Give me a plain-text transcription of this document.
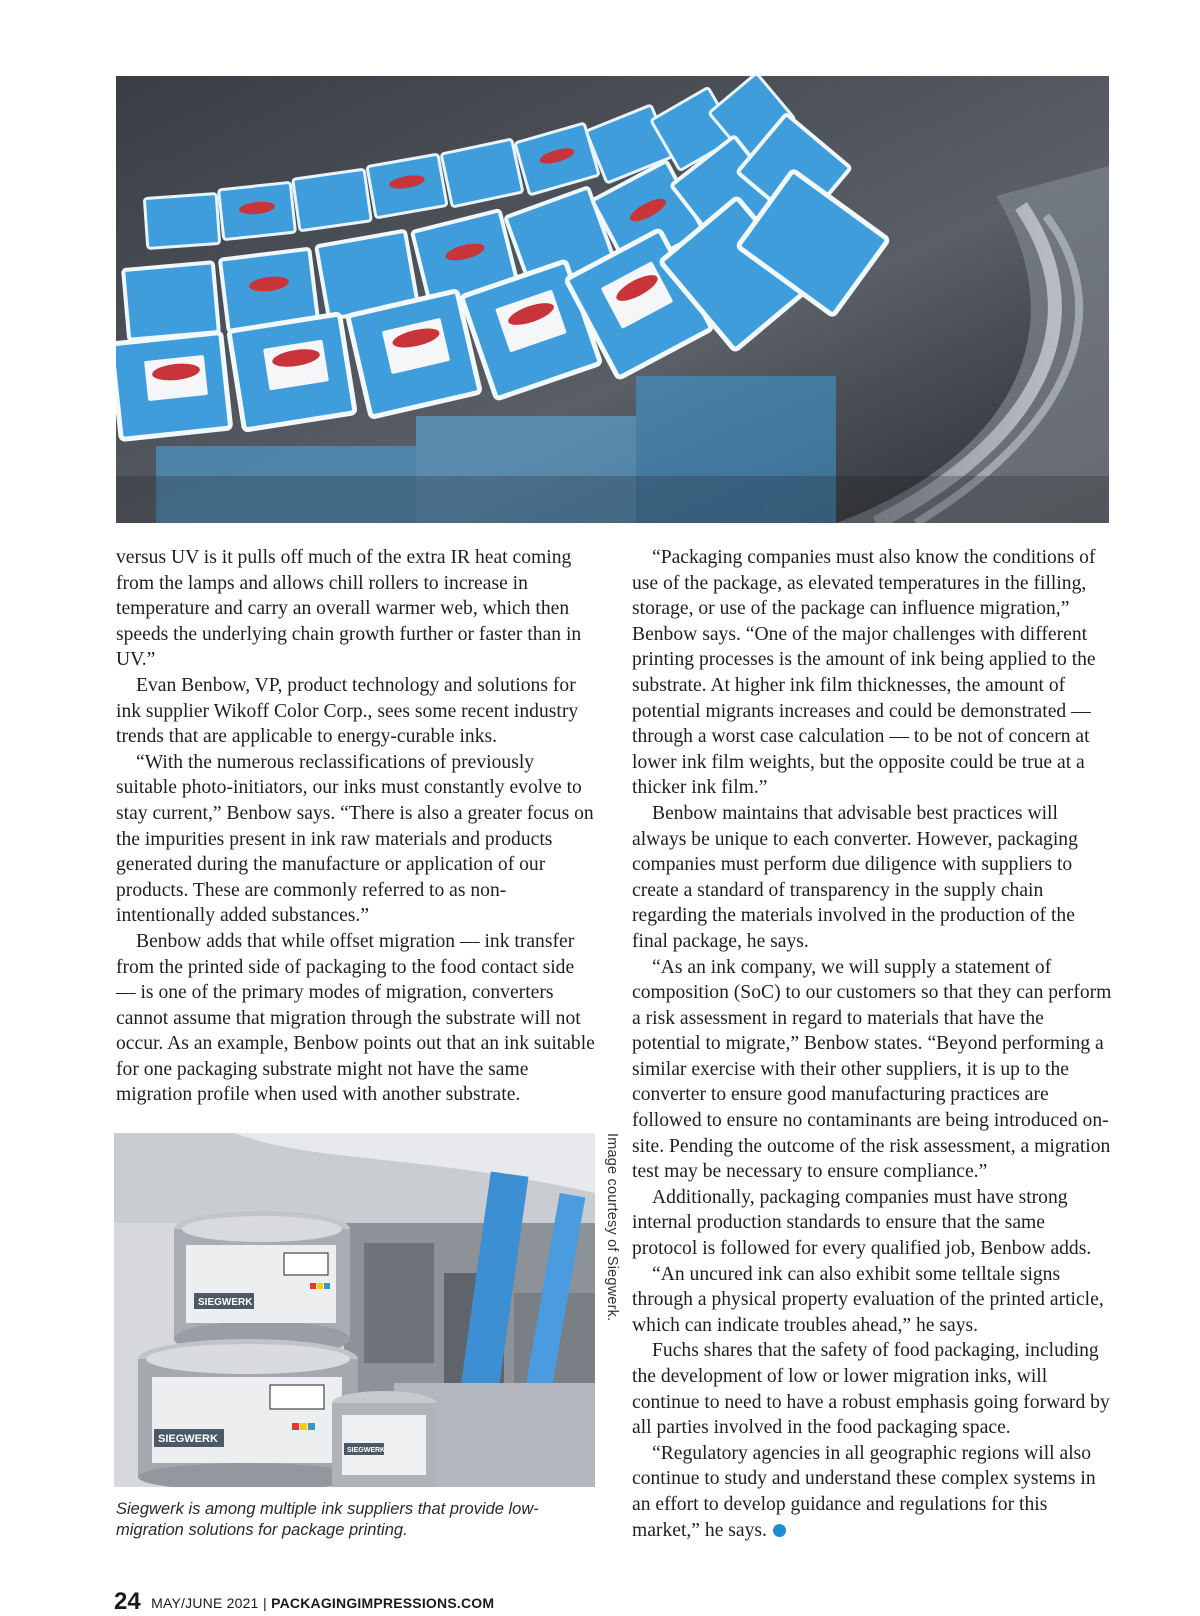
versus UV is it pulls off much of the extra IR heat coming from the lamps and allows chill rollers to increase in temperature and carry an overall warmer web, which then speeds the underlying chain growth further or faster than in UV.”

Evan Benbow, VP, product technology and solutions for ink supplier Wikoff Color Corp., sees some recent industry trends that are applicable to energy-curable inks.

“With the numerous reclassifications of previously suitable photo-initiators, our inks must constantly evolve to stay current,” Benbow says. “There is also a greater focus on the impurities present in ink raw materials and products generated during the manufacture or application of our products. These are commonly referred to as non-intentionally added substances.”

Benbow adds that while offset migration — ink transfer from the printed side of packaging to the food contact side — is one of the primary modes of migration, converters cannot assume that migration through the substrate will not occur. As an example, Benbow points out that an ink suitable for one packaging substrate might not have the same migration profile when used with another substrate.

SIEGWERK
SIEGWERK
SIEGWERK
Image courtesy of Siegwerk.
Siegwerk is among multiple ink suppliers that provide low-migration solutions for package printing.

“Packaging companies must also know the conditions of use of the package, as elevated temperatures in the filling, storage, or use of the package can influence migration,” Benbow says. “One of the major challenges with different printing processes is the amount of ink being applied to the substrate. At higher ink film thicknesses, the amount of potential migrants increases and could be demonstrated — through a worst case calculation — to be not of concern at lower ink film weights, but the opposite could be true at a thicker ink film.”

Benbow maintains that advisable best practices will always be unique to each converter. However, packaging companies must perform due diligence with suppliers to create a standard of transparency in the supply chain regarding the materials involved in the production of the final package, he says.

“As an ink company, we will supply a statement of composition (SoC) to our customers so that they can perform a risk assessment in regard to materials that have the potential to migrate,” Benbow states. “Beyond performing a similar exercise with their other suppliers, it is up to the converter to ensure good manufacturing practices are followed to ensure no contaminants are being introduced on-site. Pending the outcome of the risk assessment, a migration test may be necessary to ensure compliance.”

Additionally, packaging companies must have strong internal production standards to ensure that the same protocol is followed for every qualified job, Benbow adds.

“An uncured ink can also exhibit some telltale signs through a physical property evaluation of the printed article, which can indicate troubles ahead,” he says.

Fuchs shares that the safety of food packaging, including the development of low or lower migration inks, will continue to need to have a robust emphasis going forward by all parties involved in the food packaging space.

“Regulatory agencies in all geographic regions will also continue to study and understand these complex systems in an effort to develop guidance and regulations for this market,” he says.

24 MAY/JUNE 2021 | PACKAGINGIMPRESSIONS.COM
